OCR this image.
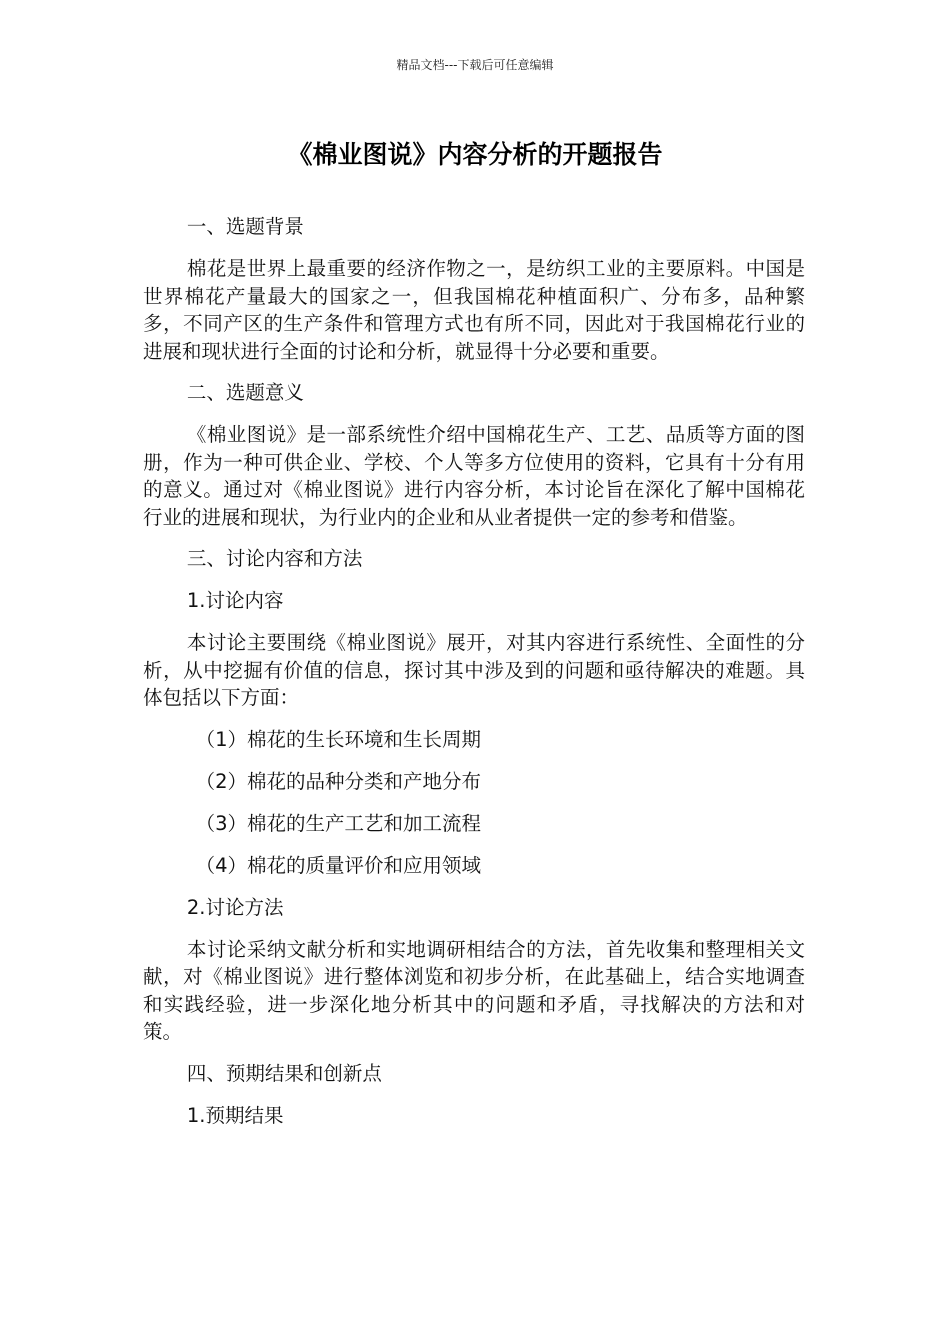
精品文档---下载后可任意编辑
《棉业图说》内容分析的开题报告

一、选题背景

棉花是世界上最重要的经济作物之一，是纺织工业的主要原料。中国是世界棉花产量最大的国家之一，但我国棉花种植面积广、分布多，品种繁多，不同产区的生产条件和管理方式也有所不同，因此对于我国棉花行业的进展和现状进行全面的讨论和分析，就显得十分必要和重要。

二、选题意义

《棉业图说》是一部系统性介绍中国棉花生产、工艺、品质等方面的图册，作为一种可供企业、学校、个人等多方位使用的资料，它具有十分有用的意义。通过对《棉业图说》进行内容分析，本讨论旨在深化了解中国棉花行业的进展和现状，为行业内的企业和从业者提供一定的参考和借鉴。

三、讨论内容和方法

1.讨论内容

本讨论主要围绕《棉业图说》展开，对其内容进行系统性、全面性的分析，从中挖掘有价值的信息，探讨其中涉及到的问题和亟待解决的难题。具体包括以下方面：

（1）棉花的生长环境和生长周期

（2）棉花的品种分类和产地分布

（3）棉花的生产工艺和加工流程

（4）棉花的质量评价和应用领域

2.讨论方法

本讨论采纳文献分析和实地调研相结合的方法，首先收集和整理相关文献，对《棉业图说》进行整体浏览和初步分析，在此基础上，结合实地调查和实践经验，进一步深化地分析其中的问题和矛盾，寻找解决的方法和对策。

四、预期结果和创新点

1.预期结果
